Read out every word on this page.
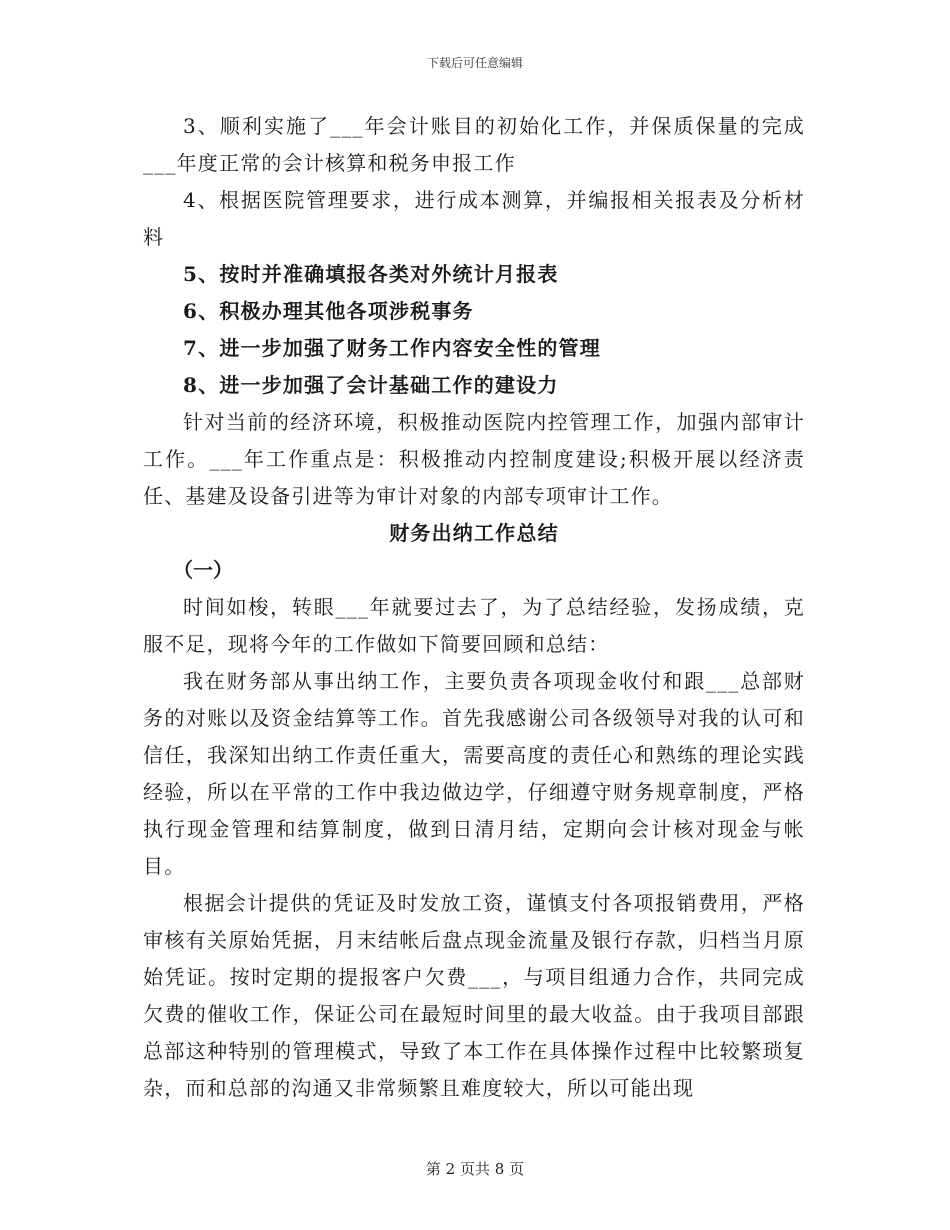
下载后可任意编辑

3、顺利实施了___年会计账目的初始化工作，并保质保量的完成___年度正常的会计核算和税务申报工作

4、根据医院管理要求，进行成本测算，并编报相关报表及分析材料

5、按时并准确填报各类对外统计月报表

6、积极办理其他各项涉税事务

7、进一步加强了财务工作内容安全性的管理

8、进一步加强了会计基础工作的建设力

针对当前的经济环境，积极推动医院内控管理工作，加强内部审计工作。___年工作重点是：积极推动内控制度建设;积极开展以经济责任、基建及设备引进等为审计对象的内部专项审计工作。

财务出纳工作总结

（一）

时间如梭，转眼___年就要过去了，为了总结经验，发扬成绩，克服不足，现将今年的工作做如下简要回顾和总结：

我在财务部从事出纳工作，主要负责各项现金收付和跟___总部财务的对账以及资金结算等工作。首先我感谢公司各级领导对我的认可和信任，我深知出纳工作责任重大，需要高度的责任心和熟练的理论实践经验，所以在平常的工作中我边做边学，仔细遵守财务规章制度，严格执行现金管理和结算制度，做到日清月结，定期向会计核对现金与帐目。

根据会计提供的凭证及时发放工资，谨慎支付各项报销费用，严格审核有关原始凭据，月末结帐后盘点现金流量及银行存款，归档当月原始凭证。按时定期的提报客户欠费___，与项目组通力合作，共同完成欠费的催收工作，保证公司在最短时间里的最大收益。由于我项目部跟总部这种特别的管理模式，导致了本工作在具体操作过程中比较繁琐复杂，而和总部的沟通又非常频繁且难度较大，所以可能出现

第 2 页共 8 页
